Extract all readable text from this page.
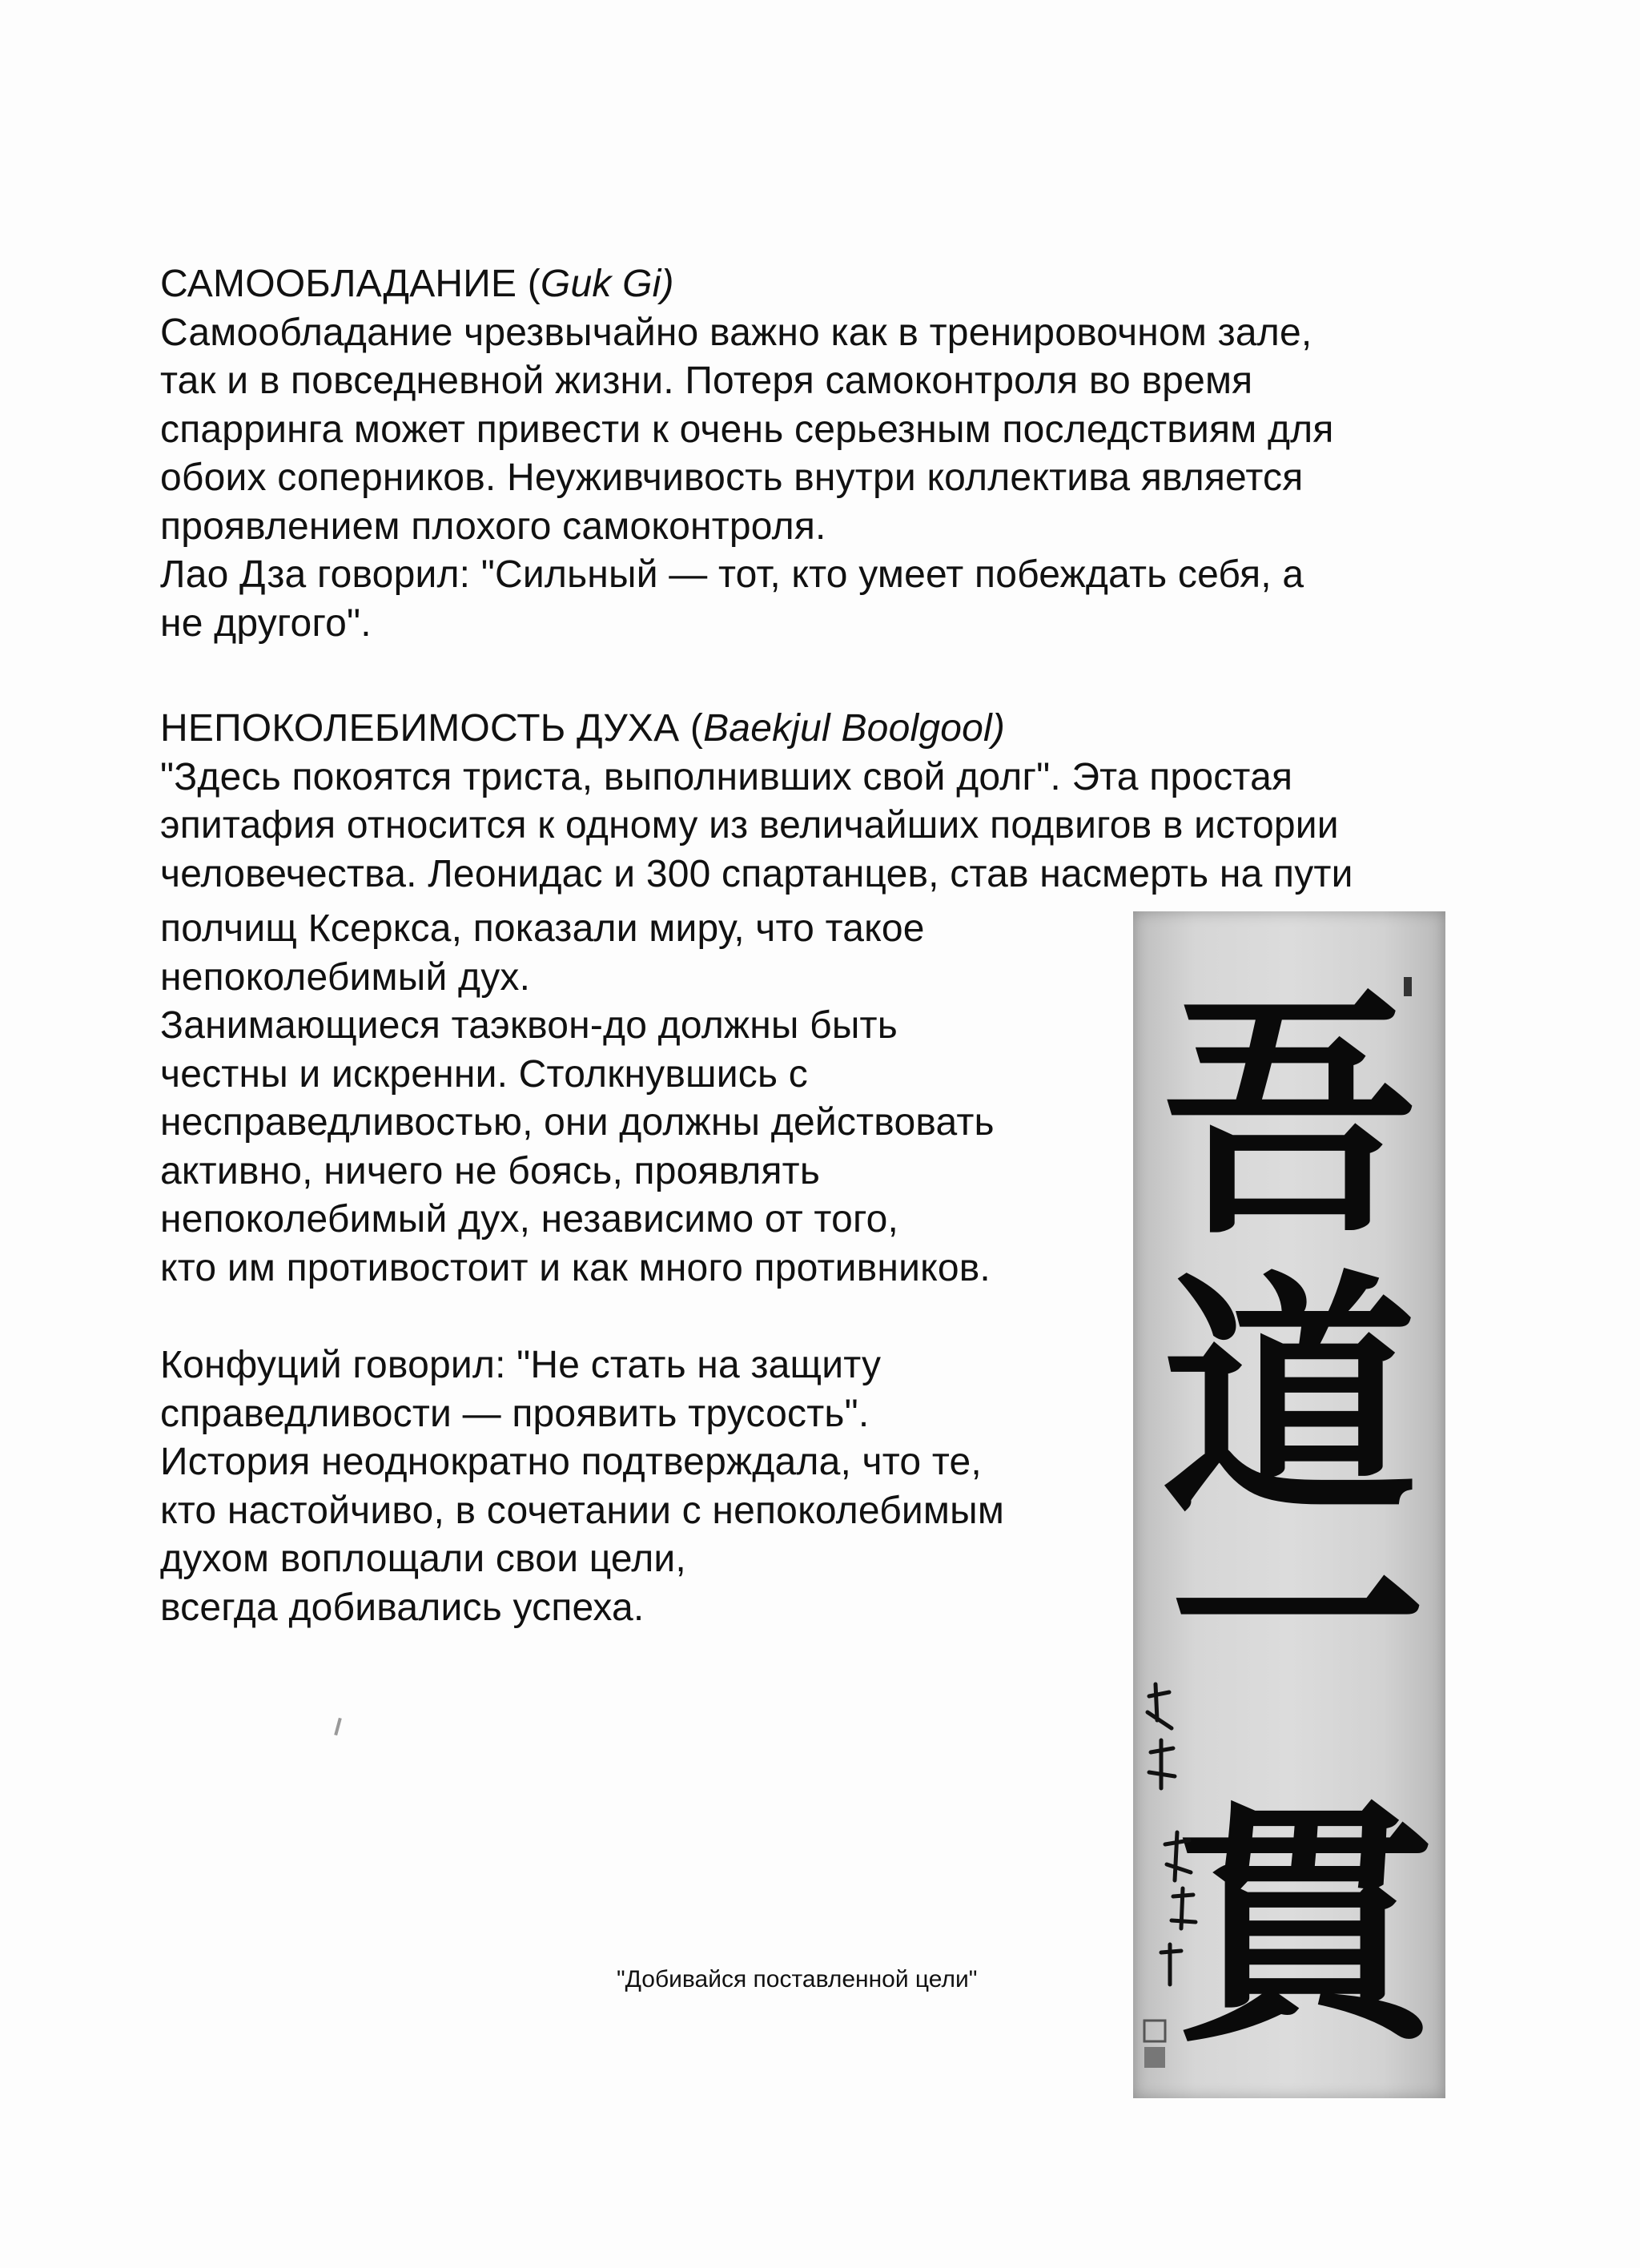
САМООБЛАДАНИЕ (Guk Gi)
Самообладание чрезвычайно важно как в тренировочном зале,
так и в повседневной жизни. Потеря самоконтроля во время
спарринга может привести к очень серьезным последствиям для
обоих соперников. Неуживчивость внутри коллектива является
проявлением плохого самоконтроля.
Лао Дза говорил: "Сильный — тот, кто умеет побеждать себя, а
не другого".
НЕПОКОЛЕБИМОСТЬ ДУХА (Baekjul Boolgool)
"Здесь покоятся триста, выполнивших свой долг". Эта простая
эпитафия относится к одному из величайших подвигов в истории
человечества. Леонидас и 300 спартанцев, став насмерть на пути
полчищ Ксеркса, показали миру, что такое
непоколебимый дух.
Занимающиеся таэквон-до должны быть
честны и искренни. Столкнувшись с
несправедливостью, они должны действовать
активно, ничего не боясь, проявлять
непоколебимый дух, независимо от того,
кто им противостоит и как много противников.
Конфуций говорил: "Не стать на защиту
справедливости — проявить трусость".
История неоднократно подтверждала, что те,
кто настойчиво, в сочетании с непоколебимым
духом воплощали свои цели,
всегда добивались успеха.
吾
道
一
貫
"Добивайся поставленной цели"
